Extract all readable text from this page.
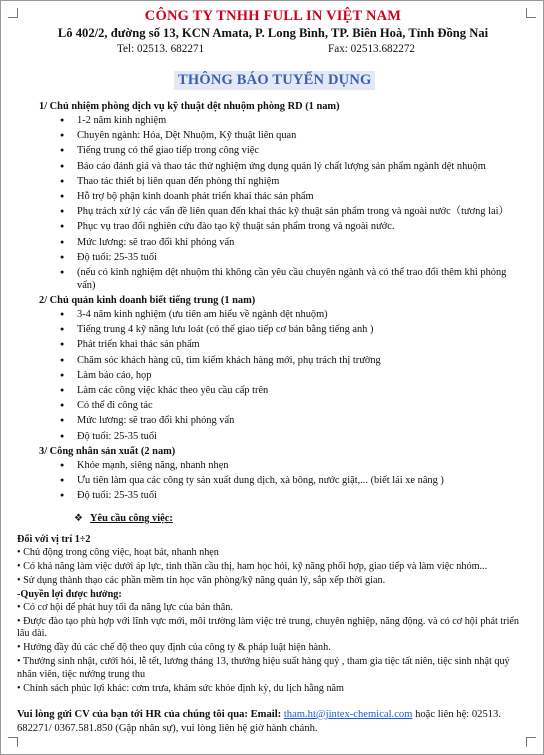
CÔNG TY TNHH FULL IN VIỆT NAM
Lô 402/2, đường số 13, KCN Amata, P. Long Bình, TP. Biên Hoà, Tỉnh Đồng Nai
Tel: 02513. 682271	Fax: 02513.682272
THÔNG BÁO TUYỂN DỤNG
1/ Chủ nhiệm phòng dịch vụ kỹ thuật dệt nhuộm phòng RD (1 nam)
● 1-2 năm kinh nghiệm
● Chuyên ngành: Hóa, Dệt Nhuộm, Kỹ thuật liên quan
● Tiếng trung có thể giao tiếp trong công việc
● Báo cáo đánh giá và thao tác thử nghiệm ứng dụng quản lý chất lượng sản phẩm ngành dệt nhuộm
● Thao tác thiết bị liên quan đến phòng thí nghiệm
● Hỗ trợ bộ phận kinh doanh phát triển khai thác sản phẩm
● Phụ trách xử lý các vấn đề liên quan đến khai thác kỹ thuật sản phẩm trong và ngoài nước（tương lai）
● Phục vụ trao đổi nghiên cứu đào tạo kỹ thuật sản phẩm trong và ngoài nước.
● Mức lương: sẽ trao đổi khi phỏng vấn
● Độ tuổi: 25-35 tuổi
● (nếu có kinh nghiệm dệt nhuộm thì không cần yêu cầu chuyên ngành và có thể trao đổi thêm khi phỏng vấn)
2/ Chủ quản kinh doanh biết tiếng trung (1 nam)
● 3-4 năm kinh nghiệm (ưu tiên am hiểu về ngành dệt nhuộm)
● Tiếng trung 4 kỹ năng lưu loát (có thể giao tiếp cơ bản bằng tiếng anh )
● Phát triển khai thác sản phẩm
● Chăm sóc khách hàng cũ, tìm kiếm khách hàng mới, phụ trách thị trường
● Làm báo cáo, họp
● Làm các công việc khác theo yêu cầu cấp trên
● Có thể đi công tác
● Mức lương: sẽ trao đổi khi phỏng vấn
● Độ tuổi: 25-35 tuổi
3/ Công nhân sản xuất (2 nam)
● Khỏe mạnh, siêng năng, nhanh nhẹn
● Ưu tiên làm qua các công ty sản xuất dung dịch, xà bông, nước giặt,... (biết lái xe nâng )
● Độ tuổi: 25-35 tuổi
❖ Yêu cầu công việc:
Đối với vị trí 1÷2
• Chủ động trong công việc, hoạt bát, nhanh nhẹn
• Có khả năng làm việc dưới áp lực, tinh thần cầu thị, ham học hỏi, kỹ năng phối hợp, giao tiếp và làm việc nhóm...
• Sử dụng thành thạo các phần mềm tin học văn phòng/kỹ năng quản lý, sắp xếp thời gian.
-Quyền lợi được hưởng:
• Có cơ hội để phát huy tối đa năng lực của bản thân.
• Được đào tạo phù hợp với lĩnh vực mới, môi trường làm việc trẻ trung, chuyên nghiệp, năng động. và có cơ hội phát triển lâu dài.
• Hưởng đầy đủ các chế độ theo quy định của công ty & pháp luật hiện hành.
• Thưởng sinh nhật, cưới hỏi, lễ tết, lương tháng 13, thưởng hiệu suất hàng quý , tham gia tiệc tất niên, tiệc sinh nhật quý nhân viên, tiệc nướng trung thu
• Chính sách phúc lợi khác: cơm trưa, khám sức khỏe định kỳ, du lịch hằng năm
Vui lòng gửi CV của bạn tới HR của chúng tôi qua: Email: tham.ht@jintex-chemical.com hoặc liên hệ: 02513. 682271/ 0367.581.850 (Gặp nhân sự), vui lòng liên hệ giờ hành chánh.
